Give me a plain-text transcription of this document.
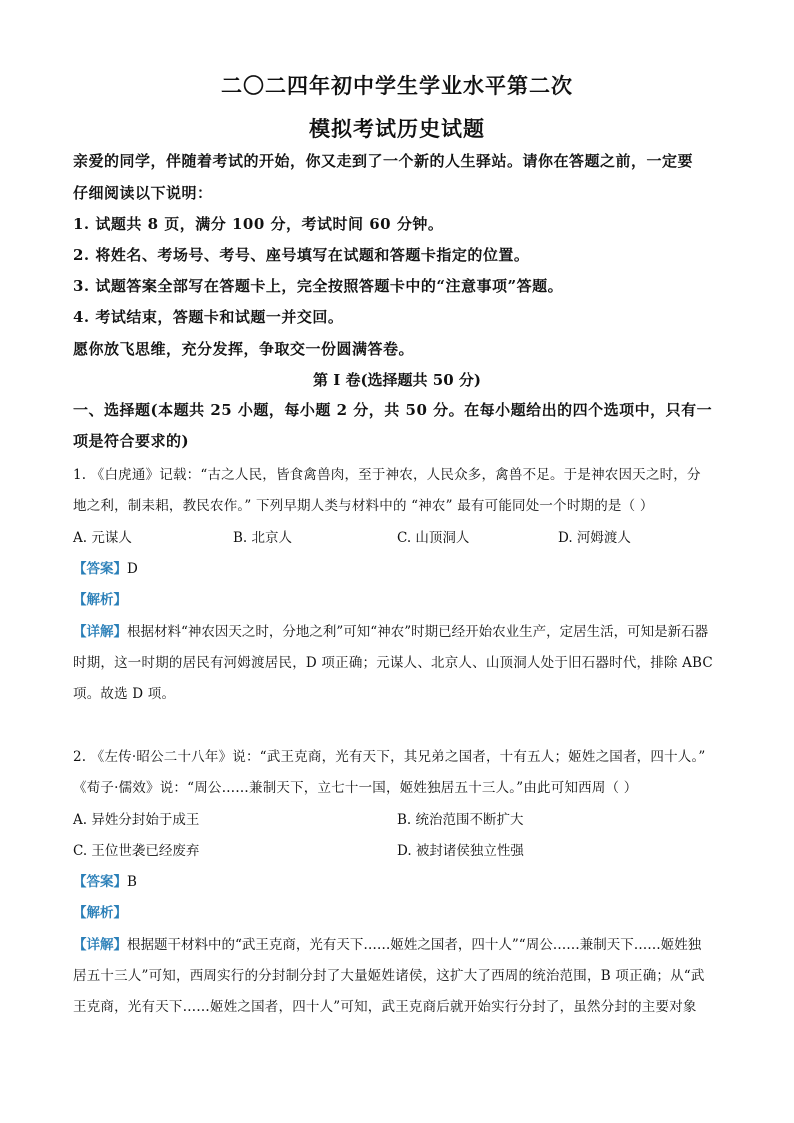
二〇二四年初中学生学业水平第二次
模拟考试历史试题
亲爱的同学，伴随着考试的开始，你又走到了一个新的人生驿站。请你在答题之前，一定要
仔细阅读以下说明：
1. 试题共 8 页，满分 100 分，考试时间 60 分钟。
2. 将姓名、考场号、考号、座号填写在试题和答题卡指定的位置。
3. 试题答案全部写在答题卡上，完全按照答题卡中的“注意事项”答题。
4. 考试结束，答题卡和试题一并交回。
愿你放飞思维，充分发挥，争取交一份圆满答卷。
第 Ⅰ 卷(选择题共 50 分)
一、选择题(本题共 25 小题，每小题 2 分，共 50 分。在每小题给出的四个选项中，只有一
项是符合要求的)
1. 《白虎通》记载：“古之人民，皆食禽兽肉，至于神农，人民众多，禽兽不足。于是神农因天之时，分
地之利，制耒耜，教民农作。” 下列早期人类与材料中的 “神农” 最有可能同处一个时期的是（ ）
A. 元谋人	B. 北京人	C. 山顶洞人	D. 河姆渡人
【答案】D
【解析】
【详解】根据材料“神农因天之时，分地之利”可知“神农”时期已经开始农业生产，定居生活，可知是新石器
时期，这一时期的居民有河姆渡居民，D 项正确；元谋人、北京人、山顶洞人处于旧石器时代，排除 ABC
项。故选 D 项。
2. 《左传·昭公二十八年》说：“武王克商，光有天下，其兄弟之国者，十有五人；姬姓之国者，四十人。”
《荀子·儒效》说：“周公……兼制天下，立七十一国，姬姓独居五十三人。”由此可知西周（ ）
A. 异姓分封始于成王	B. 统治范围不断扩大
C. 王位世袭已经废弃	D. 被封诸侯独立性强
【答案】B
【解析】
【详解】根据题干材料中的“武王克商，光有天下……姬姓之国者，四十人”“周公……兼制天下……姬姓独
居五十三人”可知，西周实行的分封制分封了大量姬姓诸侯，这扩大了西周的统治范围，B 项正确；从“武
王克商，光有天下……姬姓之国者，四十人”可知，武王克商后就开始实行分封了，虽然分封的主要对象
